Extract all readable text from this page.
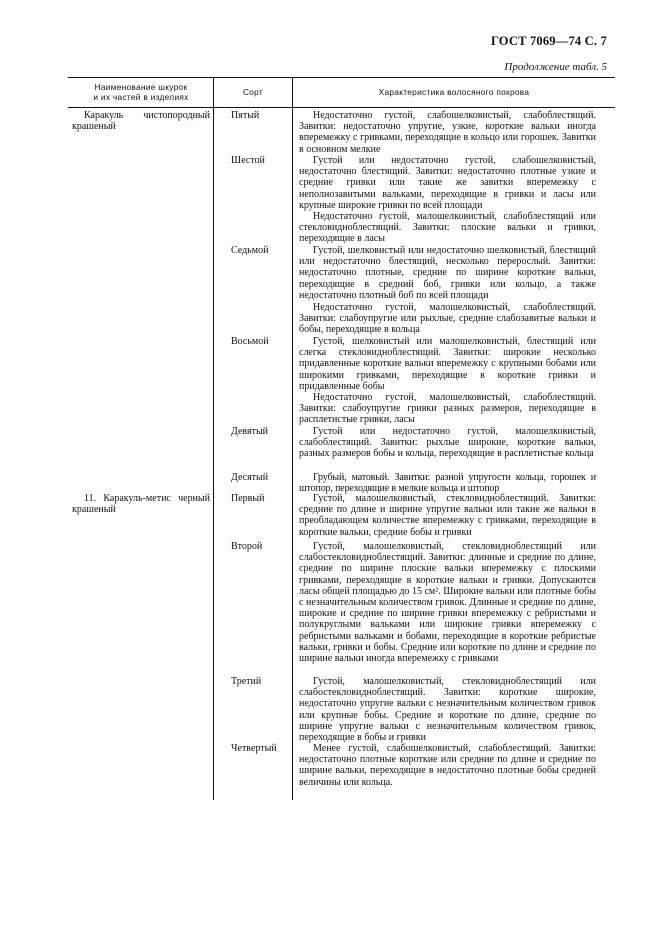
ГОСТ 7069—74 С. 7
Продолжение табл. 5
Наименование шкурок
и их частей в изделиях	Сорт	Характеристика волосяного покрова
Каракуль чистопородный крашеный
11. Каракуль-метис черный крашеный
Пятый
Шестой
Седьмой
Восьмой
Девятый
Десятый
Первый
Второй
Третий
Четвертый
Недостаточно густой, слабошелковистый, слабоблестящий. Завитки: недостаточно упругие, узкие, короткие вальки иногда вперемежку с гривками, переходящие в кольцо или горошек. Завитки в основном мелкие
Густой или недостаточно густой, слабошелковистый, недостаточно блестящий. Завитки: недостаточно плотные узкие и средние гривки или такие же завитки вперемежку с неполнозавитыми вальками, переходящие в гривки и ласы или крупные широкие гривки по всей площади
Недостаточно густой, малошелковистый, слабоблестящий или стекловидноблестящий. Завитки: плоские вальки и гривки, переходящие в ласы
Густой, шелковистый или недостаточно шелковистый, блестящий или недостаточно блестящий, несколько перерослый. Завитки: недостаточно плотные, средние по ширине короткие вальки, переходящие в средний боб, гривки или кольцо, а также недостаточно плотный боб по всей площади
Недостаточно густой, малошелковистый, слабоблестящий. Завитки: слабоупругие или рыхлые, средние слабозавитые вальки и бобы, переходящие в кольца
Густой, шелковистый или малошелковистый, блестящий или слегка стекловидноблестящий. Завитки: широкие несколько придавленные короткие вальки вперемежку с крупными бобами или широкими гривками, переходящие в короткие гривки и придавленные бобы
Недостаточно густой, малошелковистый, слабоблестящий. Завитки: слабоупругие гривки разных размеров, переходящие в расплетистые гривки, ласы
Густой или недостаточно густой, малошелковистый, слабоблестящий. Завитки: рыхлые широкие, короткие вальки, разных размеров бобы и кольца, переходящие в расплетистые кольца
Грубый, матовый. Завитки: разной упругости кольца, горошек и штопор, переходящие в мелкие кольца и штопор
Густой, малошелковистый, стекловидноблестящий. Завитки: средние по длине и ширине упругие вальки или такие же вальки в преобладающем количестве вперемежку с гривками, переходящие в короткие вальки, средние бобы и гривки
Густой, малошелковистый, стекловидноблестящий или слабостекловидноблестящий. Завитки: длинные и средние по длине, средние по ширине плоские вальки вперемежку с плоскими гривками, переходящие в короткие вальки и гривки. Допускаются ласы общей площадью до 15 см². Широкие вальки или плотные бобы с незначительным количеством гривок. Длинные и средние по длине, широкие и средние по ширине гривки вперемежку с ребристыми и полукруглыми вальками или широкие гривки вперемежку с ребристыми вальками и бобами, переходящие в короткие ребристые вальки, гривки и бобы. Средние или короткие по длине и средние по ширине вальки иногда вперемежку с гривками
Густой, малошелковистый, стекловидноблестящий или слабостекловидноблестящий. Завитки: короткие широкие, недостаточно упругие вальки с незначительным количеством гривок или крупные бобы. Средние и короткие по длине, средние по ширине упругие вальки с незначительным количеством гривок, переходящие в бобы и гривки
Менее густой, слабошелковистый, слабоблестящий. Завитки: недостаточно плотные короткие или средние по длине и средние по ширине вальки, переходящие в недостаточно плотные бобы средней величины или кольца.
